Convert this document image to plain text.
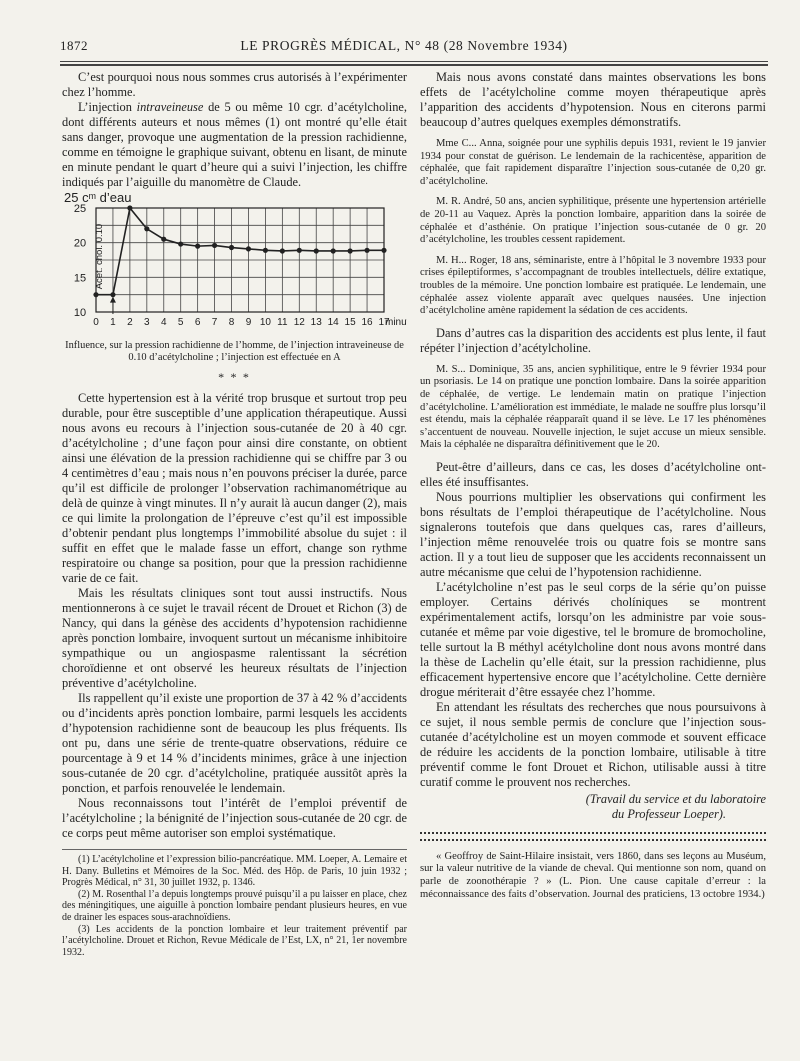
1872	LE PROGRÈS MÉDICAL, N° 48 (28 Novembre 1934)

C’est pourquoi nous nous sommes crus autorisés à l’expérimenter chez l’homme.

L’injection intraveineuse de 5 ou même 10 cgr. d’acétylcholine, dont différents auteurs et nous mêmes (1) ont montré qu’elle était sans danger, provoque une augmentation de la pression rachidienne, comme en témoigne le graphique suivant, obtenu en lisant, de minute en minute pendant le quart d’heure qui a suivi l’injection, les chiffre indiqués par l’aiguille du manomètre de Claude.

25 cᵐ d’eau
25
20
15
10
0 1 2 3 4 5 6 7 8 9 10 11 12 13 14 15 16 17
minu
Acet. chol. 0.10

Influence, sur la pression rachidienne de l’homme, de l’injection intraveineuse de 0.10 d’acétylcholine ; l’injection est effectuée en A

* * *

Cette hypertension est à la vérité trop brusque et surtout trop peu durable, pour être susceptible d’une application thérapeutique. Aussi nous avons eu recours à l’injection sous-cutanée de 20 à 40 cgr. d’acétylcholine ; d’une façon pour ainsi dire constante, on obtient ainsi une élévation de la pression rachidienne qui se chiffre par 3 ou 4 centimètres d’eau ; mais nous n’en pouvons préciser la durée, parce qu’il est difficile de prolonger l’observation rachimanométrique au delà de quinze à vingt minutes. Il n’y aurait là aucun danger (2), mais ce qui limite la prolongation de l’épreuve c’est qu’il est impossible d’obtenir pendant plus longtemps l’immobilité absolue du sujet : il suffit en effet que le malade fasse un effort, change son rythme respiratoire ou change sa position, pour que la pression rachidienne varie de ce fait.

Mais les résultats cliniques sont tout aussi instructifs. Nous mentionnerons à ce sujet le travail récent de Drouet et Richon (3) de Nancy, qui dans la génèse des accidents d’hypotension rachidienne après ponction lombaire, invoquent surtout un mécanisme inhibitoire sympathique ou un angiospasme ralentissant la sécrétion choroïdienne et ont observé les heureux résultats de l’injection préventive d’acétylcholine.

Ils rappellent qu’il existe une proportion de 37 à 42 % d’accidents ou d’incidents après ponction lombaire, parmi lesquels les accidents d’hypotension rachidienne sont de beaucoup les plus fréquents. Ils ont pu, dans une série de trente-quatre observations, réduire ce pourcentage à 9 et 14 % d’incidents minimes, grâce à une injection sous-cutanée de 20 cgr. d’acétylcholine, pratiquée aussitôt après la ponction, et parfois renouvelée le lendemain.

Nous reconnaissons tout l’intérêt de l’emploi préventif de l’acétylcholine ; la bénignité de l’injection sous-cutanée de 20 cgr. de ce corps peut même autoriser son emploi systématique.

(1) L’acétylcholine et l’expression bilio-pancréatique. MM. Loeper, A. Lemaire et H. Dany. Bulletins et Mémoires de la Soc. Méd. des Hôp. de Paris, 10 juin 1932 ; Progrès Médical, n° 31, 30 juillet 1932, p. 1346.

(2) M. Rosenthal l’a depuis longtemps prouvé puisqu’il a pu laisser en place, chez des méningitiques, une aiguille à ponction lombaire pendant plusieurs heures, en vue de drainer les espaces sous-arachnoïdiens.

(3) Les accidents de la ponction lombaire et leur traitement préventif par l’acétylcholine. Drouet et Richon, Revue Médicale de l’Est, LX, n° 21, 1er novembre 1932.

Mais nous avons constaté dans maintes observations les bons effets de l’acétylcholine comme moyen thérapeutique après l’apparition des accidents d’hypotension. Nous en citerons parmi beaucoup d’autres quelques exemples démonstratifs.

Mme C... Anna, soignée pour une syphilis depuis 1931, revient le 19 janvier 1934 pour constat de guérison. Le lendemain de la rachicentèse, apparition de céphalée, que fait rapidement disparaître l’injection sous-cutanée de 0,20 gr. d’acétylcholine.

M. R. André, 50 ans, ancien syphilitique, présente une hypertension artérielle de 20-11 au Vaquez. Après la ponction lombaire, apparition dans la soirée de céphalée et d’asthénie. On pratique l’injection sous-cutanée de 0 gr. 20 d’acétylcholine, les troubles cessent rapidement.

M. H... Roger, 18 ans, séminariste, entre à l’hôpital le 3 novembre 1933 pour crises épileptiformes, s’accompagnant de troubles intellectuels, délire extatique, troubles de la mémoire. Une ponction lombaire est pratiquée. Le lendemain, une céphalée assez violente apparaît avec quelques nausées. Une injection d’acétylcholine amène rapidement la sédation de ces accidents.

Dans d’autres cas la disparition des accidents est plus lente, il faut répéter l’injection d’acétylcholine.

M. S... Dominique, 35 ans, ancien syphilitique, entre le 9 février 1934 pour un psoriasis. Le 14 on pratique une ponction lombaire. Dans la soirée apparition de céphalée, de vertige. Le lendemain matin on pratique l’injection d’acétylcholine. L’amélioration est immédiate, le malade ne souffre plus lorsqu’il est étendu, mais la céphalée réapparaît quand il se lève. Le 17 les phénomènes s’accentuent de nouveau. Nouvelle injection, le sujet accuse un mieux sensible. Mais la céphalée ne disparaîtra définitivement que le 20.

Peut-être d’ailleurs, dans ce cas, les doses d’acétylcholine ont-elles été insuffisantes.

Nous pourrions multiplier les observations qui confirment les bons résultats de l’emploi thérapeutique de l’acétylcholine. Nous signalerons toutefois que dans quelques cas, rares d’ailleurs, l’injection même renouvelée trois ou quatre fois se montre sans action. Il y a tout lieu de supposer que les accidents reconnaissent un autre mécanisme que celui de l’hypotension rachidienne.

L’acétylcholine n’est pas le seul corps de la série qu’on puisse employer. Certains dérivés cholíniques se montrent expérimentalement actifs, lorsqu’on les administre par voie sous-cutanée et même par voie digestive, tel le bromure de bromocholine, telle surtout la B méthyl acétylcholine dont nous avons montré dans la thèse de Lachelin qu’elle était, sur la pression rachidienne, plus efficacement hypertensive encore que l’acétylcholine. Cette dernière drogue mériterait d’être essayée chez l’homme.

En attendant les résultats des recherches que nous poursuivons à ce sujet, il nous semble permis de conclure que l’injection sous-cutanée d’acétylcholine est un moyen commode et souvent efficace de réduire les accidents de la ponction lombaire, utilisable à titre préventif comme le font Drouet et Richon, utilisable aussi à titre curatif comme le prouvent nos recherches.

(Travail du service et du laboratoire

du Professeur Loeper).

« Geoffroy de Saint-Hilaire insistait, vers 1860, dans ses leçons au Muséum, sur la valeur nutritive de la viande de cheval. Qui mentionne son nom, quand on parle de zoonothérapie ? » (L. Pion. Une cause capitale d’erreur : la méconnaissance des faits d’observation. Journal des praticiens, 13 octobre 1934.)
